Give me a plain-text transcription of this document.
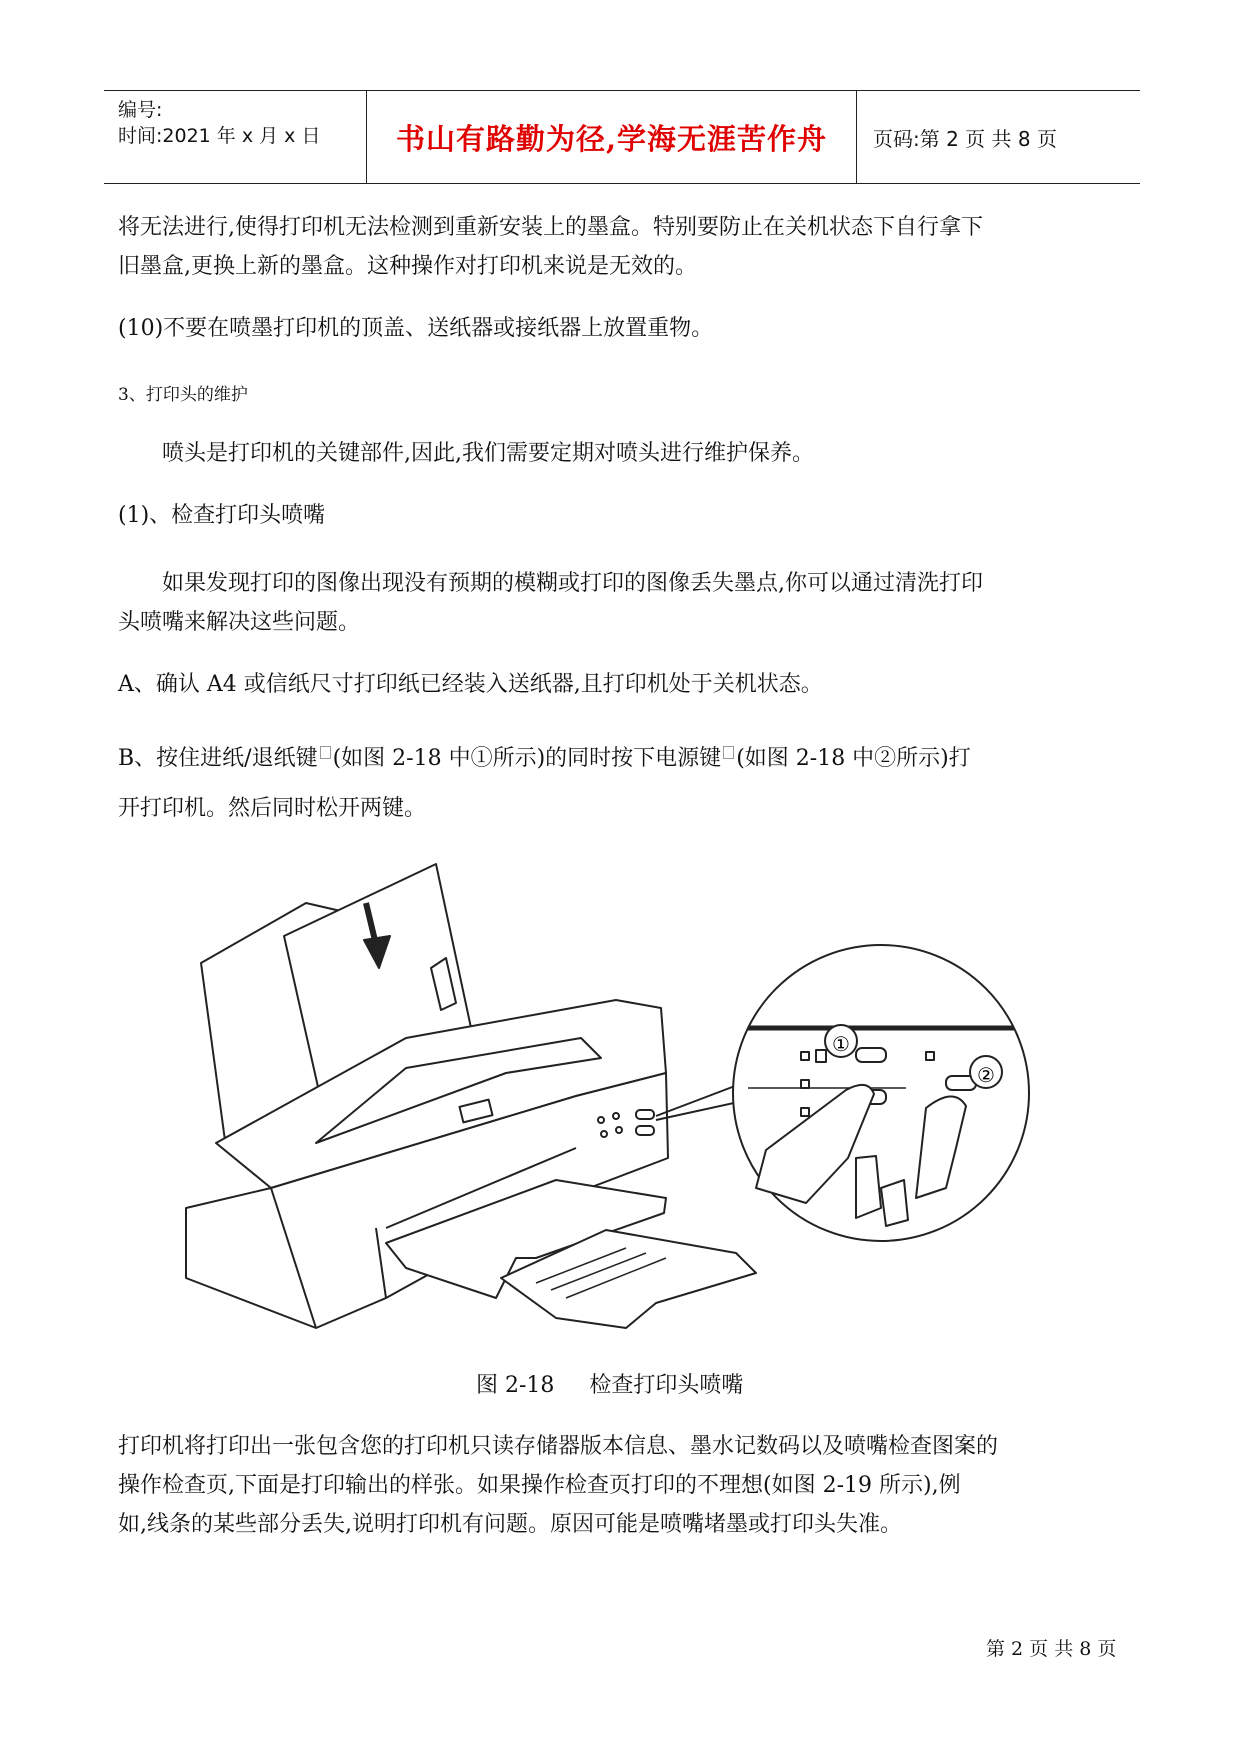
编号:
时间:2021 年 x 月 x 日	书山有路勤为径,学海无涯苦作舟 页码:第 2 页 共 8 页
将无法进行,使得打印机无法检测到重新安装上的墨盒。特别要防止在关机状态下自行拿下
旧墨盒,更换上新的墨盒。这种操作对打印机来说是无效的。
(10)不要在喷墨打印机的顶盖、送纸器或接纸器上放置重物。
3、打印头的维护
喷头是打印机的关键部件,因此,我们需要定期对喷头进行维护保养。
(1)、检查打印头喷嘴
如果发现打印的图像出现没有预期的模糊或打印的图像丢失墨点,你可以通过清洗打印
头喷嘴来解决这些问题。
A、确认 A4 或信纸尺寸打印纸已经装入送纸器,且打印机处于关机状态。
B、按住进纸/退纸键 (如图 2-18 中①所示)的同时按下电源键 (如图 2-18 中②所示)打
开打印机。然后同时松开两键。
①
②
图 2-18     检查打印头喷嘴
打印机将打印出一张包含您的打印机只读存储器版本信息、墨水记数码以及喷嘴检查图案的
操作检查页,下面是打印输出的样张。如果操作检查页打印的不理想(如图 2-19 所示),例
如,线条的某些部分丢失,说明打印机有问题。原因可能是喷嘴堵墨或打印头失准。
第 2 页 共 8 页
